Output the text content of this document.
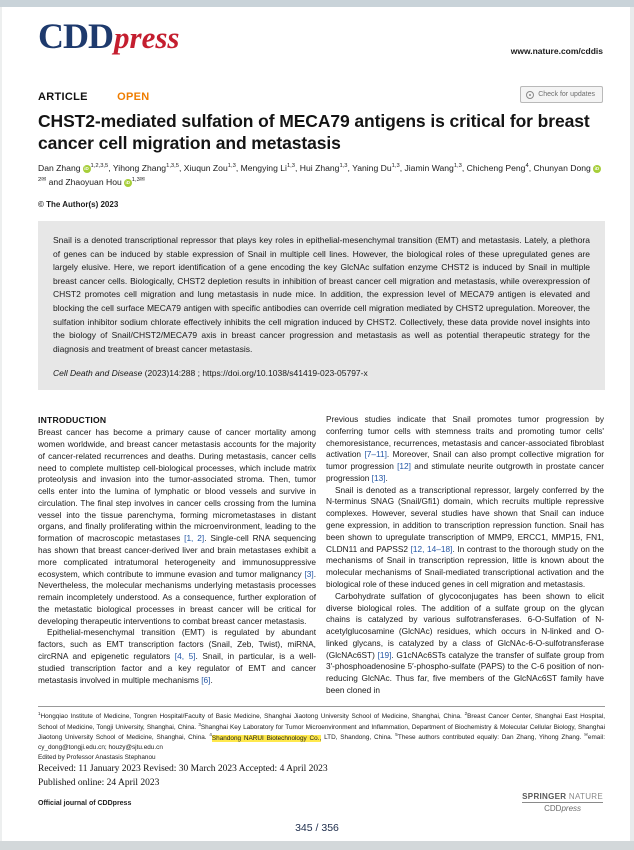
CDDpress	www.nature.com/cddis
ARTICLE	OPEN	Check for updates
CHST2-mediated sulfation of MECA79 antigens is critical for breast cancer cell migration and metastasis
Dan Zhang iD $^{1,2,3,5}$, Yihong Zhang$^{1,3,5}$, Xiuqun Zou$^{1,3}$, Mengying Li$^{1,3}$, Hui Zhang$^{1,3}$, Yaning Du$^{1,3}$, Jiamin Wang$^{1,3}$, Chicheng Peng$^4$, Chunyan Dong $iD^{2✉}$ and Zhaoyuan Hou iD $^{1,3✉}$
© The Author(s) 2023
Snail is a denoted transcriptional repressor that plays key roles in epithelial-mesenchymal transition (EMT) and metastasis. Lately, a plethora of genes can be induced by stable expression of Snail in multiple cell lines. However, the biological roles of these upregulated genes are largely elusive. Here, we report identification of a gene encoding the key GlcNAc sulfation enzyme CHST2 is induced by Snail in multiple breast cancer cells. Biologically, CHST2 depletion results in inhibition of breast cancer cell migration and metastasis, while overexpression of CHST2 promotes cell migration and lung metastasis in nude mice. In addition, the expression level of MECA79 antigen is elevated and blocking the cell surface MECA79 antigen with specific antibodies can override cell migration mediated by CHST2 upregulation. Moreover, the sulfation inhibitor sodium chlorate effectively inhibits the cell migration induced by CHST2. Collectively, these data provide novel insights into the biology of Snail/CHST2/MECA79 axis in breast cancer progression and metastasis as well as potential therapeutic strategy for the diagnosis and treatment of breast cancer metastasis.
Cell Death and Disease (2023)14:288 ; https://doi.org/10.1038/s41419-023-05797-x
INTRODUCTION

Breast cancer has become a primary cause of cancer mortality among women worldwide, and breast cancer metastasis accounts for the majority of cancer-related recurrences and deaths. During metastasis, cancer cells need to complete multistep cell-biological processes, which include matrix proteolysis and invasion into the tumor-associated stroma. Then, tumor cells enter into the lumina of lymphatic or blood vessels and survive in circulation. The final step involves in cancer cells crossing from the lumina vessel into the tissue parenchyma, forming micrometastases in distant organs, and finally proliferating within the microenvironment, leading to the formation of macroscopic metastases [1, 2]. Single-cell RNA sequencing has shown that breast cancer-derived liver and brain metastases exhibit a more complicated intratumoral heterogeneity and immunosuppressive ecosystem, which contribute to immune evasion and tumor malignancy [3]. Nevertheless, the molecular mechanisms underlying metastasis processes remain incompletely understood. As a consequence, further exploration of the metastatic biological processes in breast cancer will be critical for developing therapeutic interventions to combat breast cancer metastasis.

Epithelial-mesenchymal transition (EMT) is regulated by abundant factors, such as EMT transcription factors (Snail, Zeb, Twist), miRNA, circRNA and epigenetic regulators [4, 5]. Snail, in particular, is a well-studied transcription factor and a key regulator of EMT and cancer metastasis involved in multiple mechanisms [6].

Previous studies indicate that Snail promotes tumor progression by conferring tumor cells with stemness traits and promoting tumor cells' chemoresistance, recurrences, metastasis and cancer-associated fibroblast activation [7–11]. Moreover, Snail can also prompt collective migration for tumor progression [12] and stimulate neurite outgrowth in prostate cancer progression [13].

Snail is denoted as a transcriptional repressor, largely conferred by the N-terminus SNAG (Snail/Gfi1) domain, which recruits multiple repressive complexes. However, several studies have shown that Snail can induce gene expression, in addition to transcription repression function. Snail has been shown to upregulate transcription of MMP9, ERCC1, MMP15, FN1, CLDN11 and PAPSS2 [12, 14–18]. In contrast to the thorough study on the mechanisms of Snail in transcription repression, little is known about the molecular mechanisms of Snail-mediated transcriptional activation and the biological role of these induced genes in cell migration and metastasis.

Carbohydrate sulfation of glycoconjugates has been shown to elicit diverse biological roles. The addition of a sulfate group on the glycan chains is catalyzed by various sulfotransferases. 6-O-Sulfation of N-acetylglucosamine (GlcNAc) residues, which occurs in N-linked and O-linked glycans, is catalyzed by a class of GlcNAc-6-O-sulfotransferase (GlcNAc6ST) [19]. G1cNAc6STs catalyze the transfer of sulfate group from 3′-phosphoadenosine 5′-phospho-sulfate (PAPS) to the C-6 position of non-reducing GlcNAc. Thus far, five members of the GlcNAc6ST family have been cloned in

$^1$Hongqiao Institute of Medicine, Tongren Hospital/Faculty of Basic Medicine, Shanghai Jiaotong University School of Medicine, Shanghai, China. $^2$Breast Cancer Center, Shanghai East Hospital, School of Medicine, Tongji University, Shanghai, China. $^3$Shanghai Key Laboratory for Tumor Microenvironment and Inflammation, Department of Biochemistry & Molecular Cellular Biology, Shanghai Jiaotong University School of Medicine, Shanghai, China. $^4$Shandong NARUI Biotechnology Co., LTD, Shandong, China. $^5$These authors contributed equally: Dan Zhang, Yihong Zhang. ✉email: cy_dong@tongji.edu.cn; houzy@sjtu.edu.cn
Edited by Professor Anastasis Stephanou
Received: 11 January 2023 Revised: 30 March 2023 Accepted: 4 April 2023
Published online: 24 April 2023
Official journal of CDDpress
SPRINGER NATURE
CDDpress
345 / 356
